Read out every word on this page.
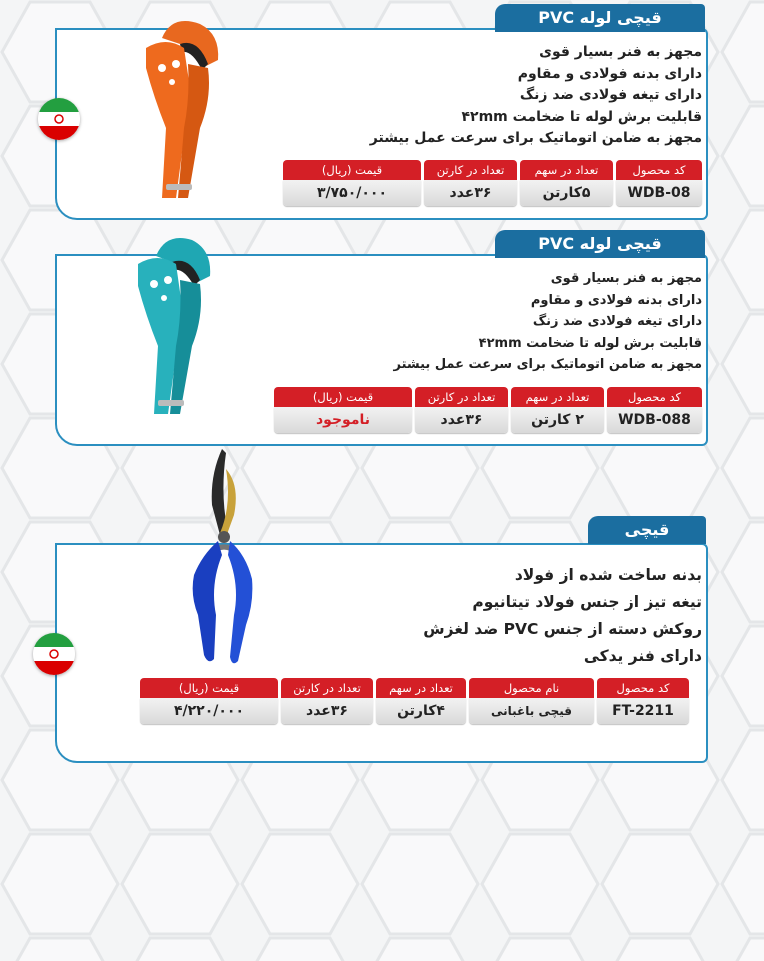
قیچی لوله PVC
مجهز به فنر بسیار قوی
دارای بدنه فولادی و مقاوم
دارای تیغه فولادی ضد زنگ
قابلیت برش لوله تا ضخامت ۴۲mm
مجهز به ضامن اتوماتیک برای سرعت عمل بیشتر
کد محصول
WDB-08
تعداد در سهم
۵کارتن
تعداد در کارتن
۳۶عدد
قیمت (ریال)
۳/۷۵۰/۰۰۰
قیچی لوله PVC
مجهز به فنر بسیار قوی
دارای بدنه فولادی و مقاوم
دارای تیغه فولادی ضد زنگ
قابلیت برش لوله تا ضخامت ۴۲mm
مجهز به ضامن اتوماتیک برای سرعت عمل بیشتر
کد محصول
WDB-088
تعداد در سهم
۲ کارتن
تعداد در کارتن
۳۶عدد
قیمت (ریال)
ناموجود
قیچی باغبانی
بدنه ساخت شده از فولاد
تیغه تیز از جنس فولاد تیتانیوم
روکش دسته از جنس PVC ضد لغزش
دارای فنر یدکی
کد محصول
FT-2211
نام محصول
قیچی باغبانی
تعداد در سهم
۴کارتن
تعداد در کارتن
۳۶عدد
قیمت (ریال)
۴/۲۲۰/۰۰۰
